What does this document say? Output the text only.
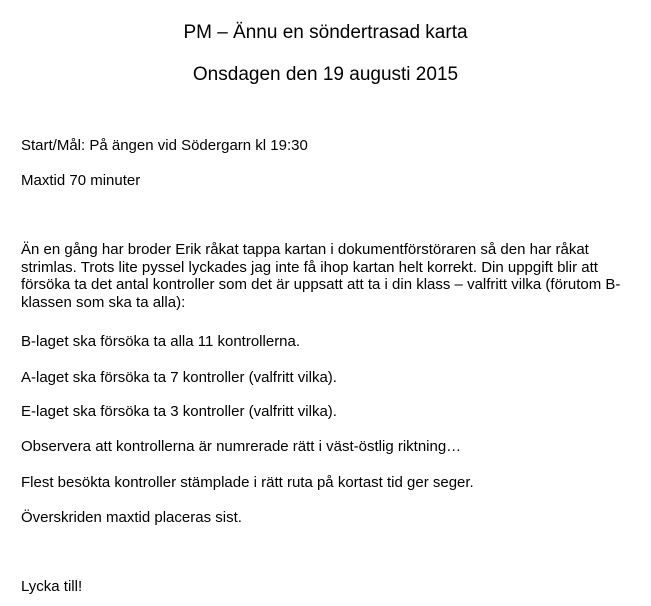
PM – Ännu en söndertrasad karta
Onsdagen den 19 augusti 2015
Start/Mål: På ängen vid Södergarn kl 19:30
Maxtid 70 minuter
Än en gång har broder Erik råkat tappa kartan i dokumentförstöraren så den har råkat strimlas. Trots lite pyssel lyckades jag inte få ihop kartan helt korrekt. Din uppgift blir att försöka ta det antal kontroller som det är uppsatt att ta i din klass – valfritt vilka (förutom B-klassen som ska ta alla):
B-laget ska försöka ta alla 11 kontrollerna.
A-laget ska försöka ta 7 kontroller (valfritt vilka).
E-laget ska försöka ta 3 kontroller (valfritt vilka).
Observera att kontrollerna är numrerade rätt i väst-östlig riktning…
Flest besökta kontroller stämplade i rätt ruta på kortast tid ger seger.
Överskriden maxtid placeras sist.
Lycka till!
